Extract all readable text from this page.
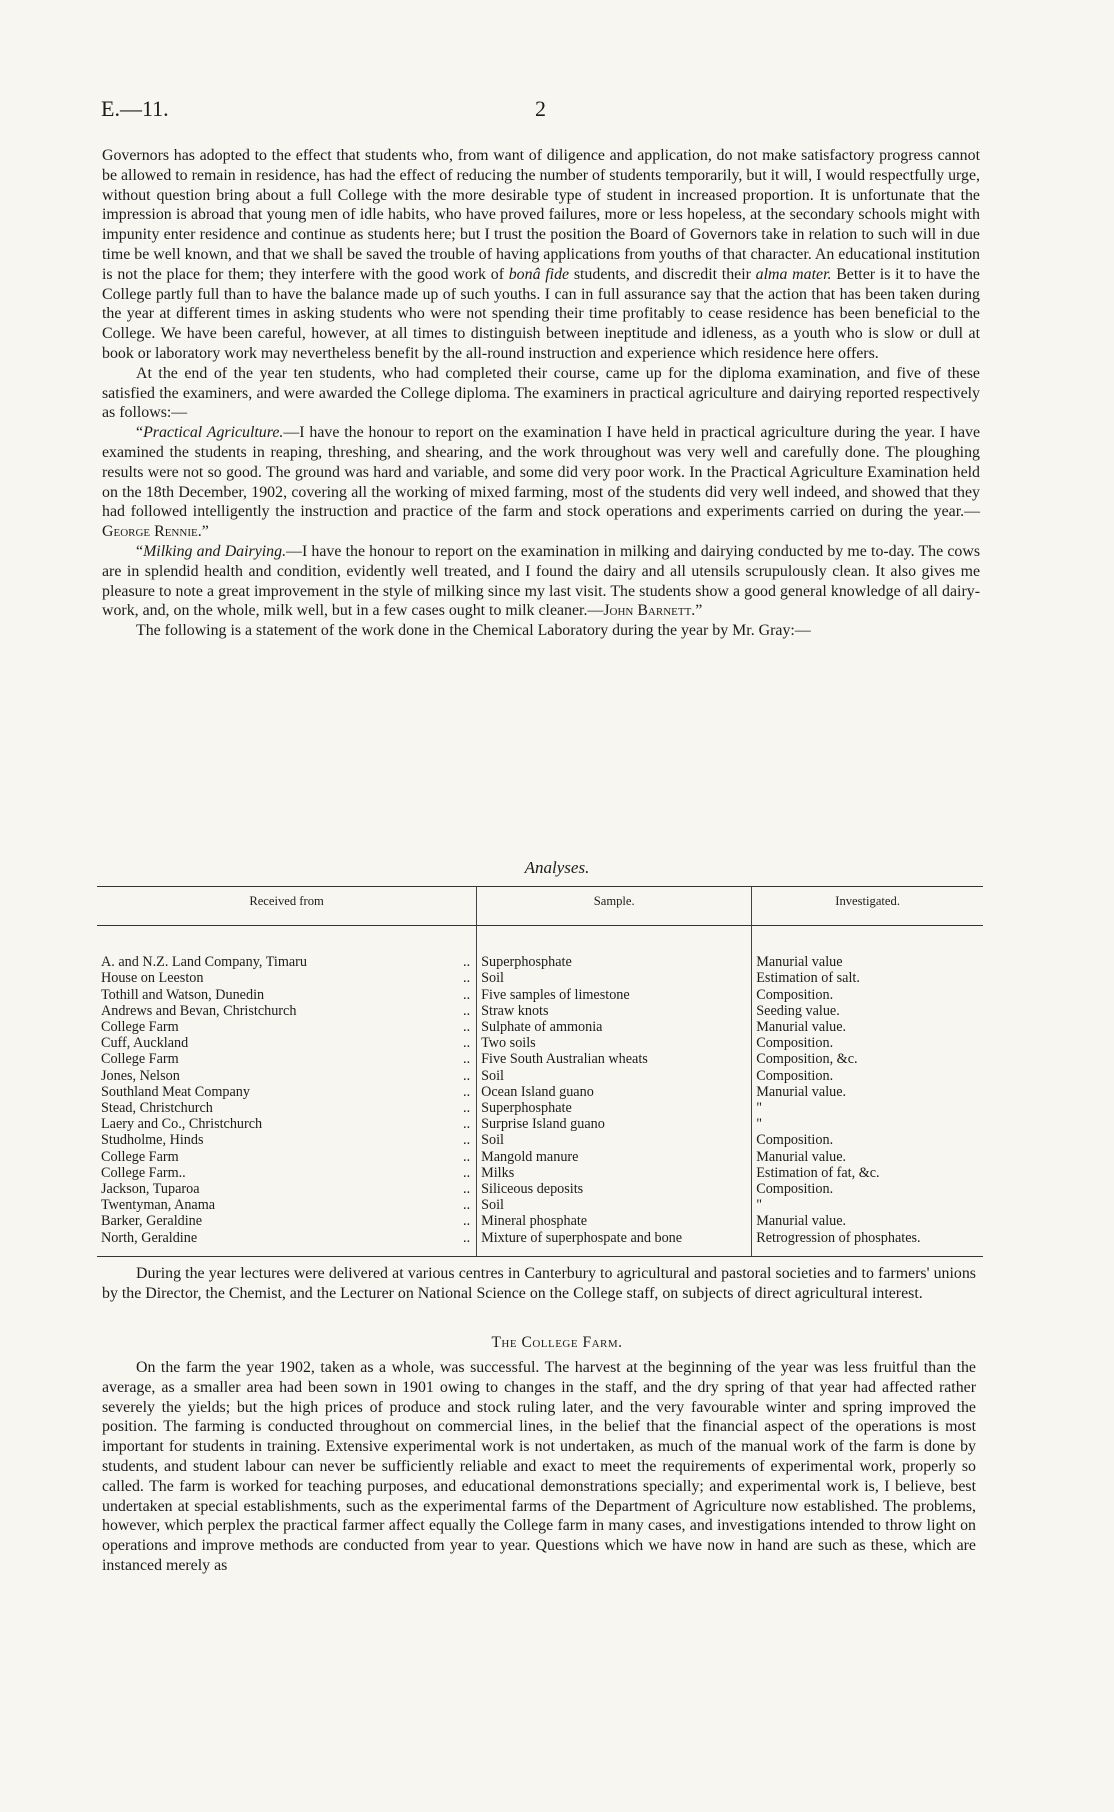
E.—11.	2

Governors has adopted to the effect that students who, from want of diligence and application, do not make satisfactory progress cannot be allowed to remain in residence, has had the effect of reducing the number of students temporarily, but it will, I would respectfully urge, without question bring about a full College with the more desirable type of student in increased proportion. It is unfortunate that the impression is abroad that young men of idle habits, who have proved failures, more or less hopeless, at the secondary schools might with impunity enter residence and continue as students here; but I trust the position the Board of Governors take in relation to such will in due time be well known, and that we shall be saved the trouble of having applications from youths of that character. An educational institution is not the place for them; they interfere with the good work of bonâ fide students, and discredit their alma mater. Better is it to have the College partly full than to have the balance made up of such youths. I can in full assurance say that the action that has been taken during the year at different times in asking students who were not spending their time profitably to cease residence has been beneficial to the College. We have been careful, however, at all times to distinguish between ineptitude and idleness, as a youth who is slow or dull at book or laboratory work may nevertheless benefit by the all-round instruction and experience which residence here offers.

At the end of the year ten students, who had completed their course, came up for the diploma examination, and five of these satisfied the examiners, and were awarded the College diploma. The examiners in practical agriculture and dairying reported respectively as follows:—

“Practical Agriculture.—I have the honour to report on the examination I have held in practical agriculture during the year. I have examined the students in reaping, threshing, and shearing, and the work throughout was very well and carefully done. The ploughing results were not so good. The ground was hard and variable, and some did very poor work. In the Practical Agriculture Examination held on the 18th December, 1902, covering all the working of mixed farming, most of the students did very well indeed, and showed that they had followed intelligently the instruction and practice of the farm and stock operations and experiments carried on during the year.—George Rennie.”

“Milking and Dairying.—I have the honour to report on the examination in milking and dairying conducted by me to-day. The cows are in splendid health and condition, evidently well treated, and I found the dairy and all utensils scrupulously clean. It also gives me pleasure to note a great improvement in the style of milking since my last visit. The students show a good general knowledge of all dairy-work, and, on the whole, milk well, but in a few cases ought to milk cleaner.—John Barnett.”

The following is a statement of the work done in the Chemical Laboratory during the year by Mr. Gray:—

Analyses.
Received from	Sample.	Investigated.

A. and N.Z. Land Company, Timaru ..	Superphosphate	Manurial value
House on Leeston ..	Soil	Estimation of salt.
Tothill and Watson, Dunedin ..	Five samples of limestone	Composition.
Andrews and Bevan, Christchurch ..	Straw knots	Seeding value.
College Farm ..	Sulphate of ammonia	Manurial value.
Cuff, Auckland ..	Two soils	Composition.
College Farm ..	Five South Australian wheats	Composition, &c.
Jones, Nelson ..	Soil	Composition.
Southland Meat Company ..	Ocean Island guano	Manurial value.
Stead, Christchurch ..	Superphosphate	"
Laery and Co., Christchurch ..	Surprise Island guano	"
Studholme, Hinds ..	Soil	Composition.
College Farm ..	Mangold manure	Manurial value.
College Farm.. ..	Milks	Estimation of fat, &c.
Jackson, Tuparoa ..	Siliceous deposits	Composition.
Twentyman, Anama ..	Soil	"
Barker, Geraldine ..	Mineral phosphate	Manurial value.
North, Geraldine ..	Mixture of superphospate and bone	Retrogression of phosphates.

During the year lectures were delivered at various centres in Canterbury to agricultural and pastoral societies and to farmers' unions by the Director, the Chemist, and the Lecturer on National Science on the College staff, on subjects of direct agricultural interest.

The College Farm.

On the farm the year 1902, taken as a whole, was successful. The harvest at the beginning of the year was less fruitful than the average, as a smaller area had been sown in 1901 owing to changes in the staff, and the dry spring of that year had affected rather severely the yields; but the high prices of produce and stock ruling later, and the very favourable winter and spring improved the position. The farming is conducted throughout on commercial lines, in the belief that the financial aspect of the operations is most important for students in training. Extensive experimental work is not undertaken, as much of the manual work of the farm is done by students, and student labour can never be sufficiently reliable and exact to meet the requirements of experimental work, properly so called. The farm is worked for teaching purposes, and educational demonstrations specially; and experimental work is, I believe, best undertaken at special establishments, such as the experimental farms of the Department of Agriculture now established. The problems, however, which perplex the practical farmer affect equally the College farm in many cases, and investigations intended to throw light on operations and improve methods are conducted from year to year. Questions which we have now in hand are such as these, which are instanced merely as
